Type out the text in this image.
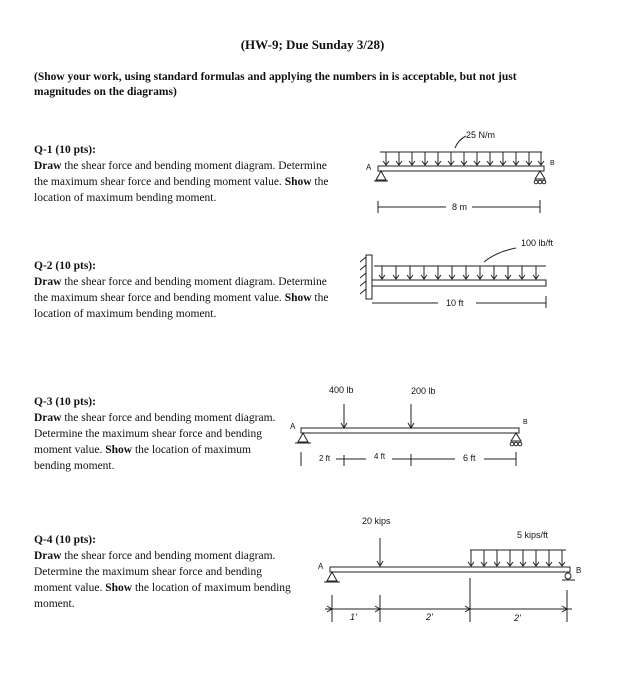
(HW-9; Due Sunday 3/28)
(Show your work, using standard formulas and applying the numbers in is acceptable, but not just magnitudes on the diagrams)
Q-1 (10 pts):
Draw the shear force and bending moment diagram. Determine the maximum shear force and bending moment value. Show the location of maximum bending moment.
Q-2 (10 pts):
Draw the shear force and bending moment diagram. Determine the maximum shear force and bending moment value. Show the location of maximum bending moment.
Q-3 (10 pts):
Draw the shear force and bending moment diagram. Determine the maximum shear force and bending moment value. Show the location of maximum bending moment.
Q-4 (10 pts):
Draw the shear force and bending moment diagram. Determine the maximum shear force and bending moment value. Show the location of maximum bending moment.
25 N/m
8 m
A	B
100 lb/ft
10 ft
400 lb	200 lb
2 ft	4 ft	6 ft
A	B
20 kips
5 kips/ft
1'	2'	2'
A	B
